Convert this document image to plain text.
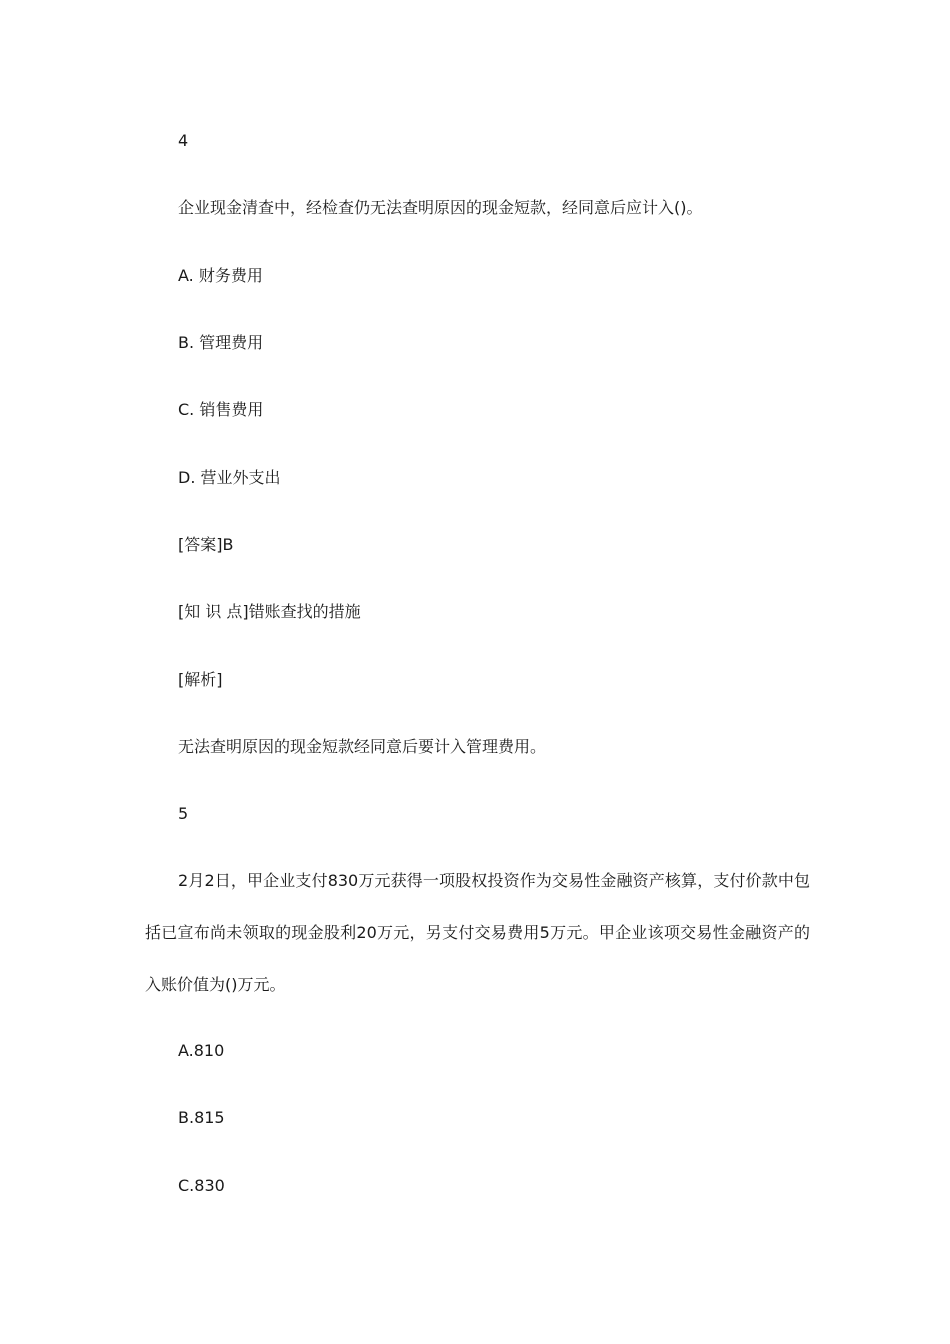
4
企业现金清查中，经检查仍无法查明原因的现金短款，经同意后应计入()。
A. 财务费用
B. 管理费用
C. 销售费用
D. 营业外支出
[答案]B
[知 识 点]错账查找的措施
[解析]
无法查明原因的现金短款经同意后要计入管理费用。
5
2月2日，甲企业支付830万元获得一项股权投资作为交易性金融资产核算，支付价款中包括已宣布尚未领取的现金股利20万元，另支付交易费用5万元。甲企业该项交易性金融资产的入账价值为()万元。
A.810
B.815
C.830
